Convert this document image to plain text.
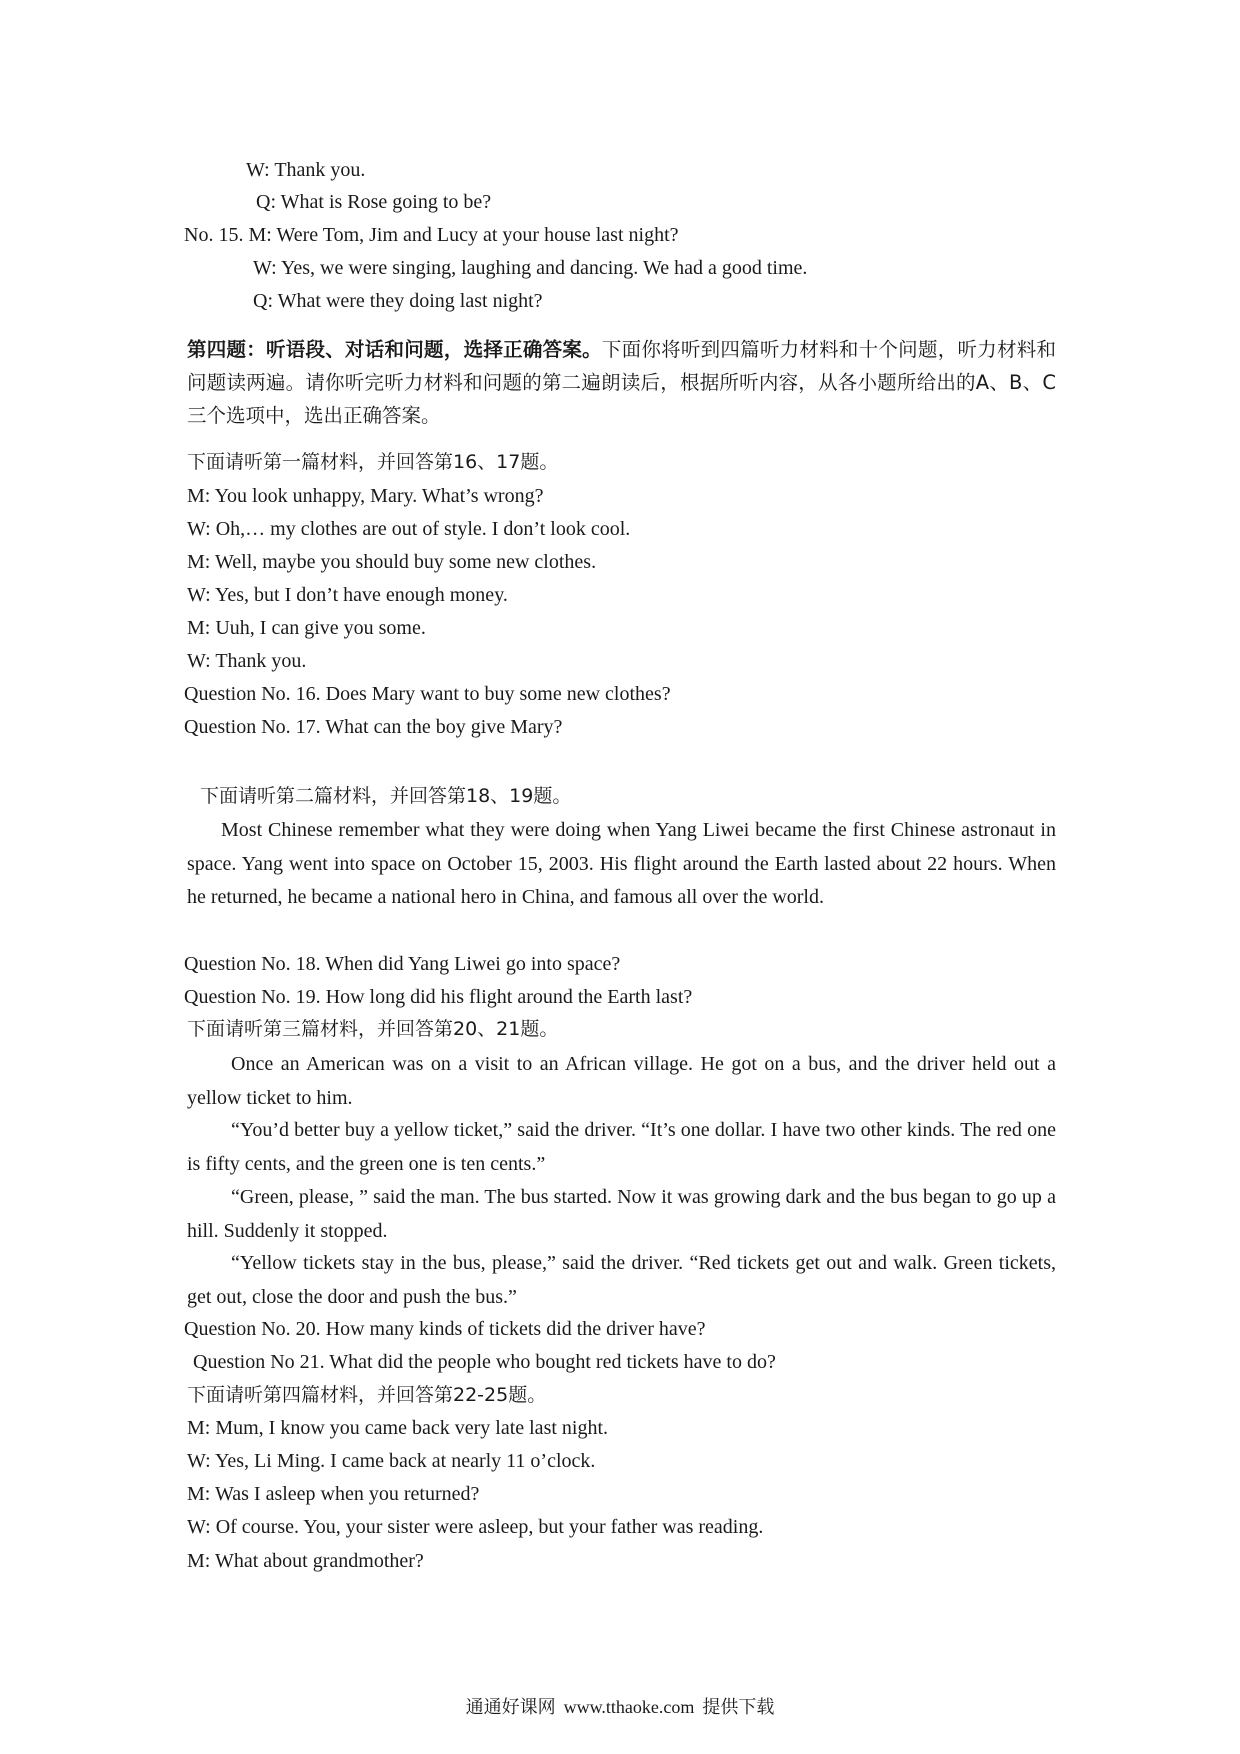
W: Thank you.
Q: What is Rose going to be?
No. 15. M: Were Tom, Jim and Lucy at your house last night?
W: Yes, we were singing, laughing and dancing. We had a good time.
Q: What were they doing last night?
第四题：听语段、对话和问题，选择正确答案。下面你将听到四篇听力材料和十个问题，听力材料和问题读两遍。请你听完听力材料和问题的第二遍朗读后，根据所听内容，从各小题所给出的A、B、C三个选项中，选出正确答案。
下面请听第一篇材料，并回答第16、17题。
M: You look unhappy, Mary. What’s wrong?
W: Oh,… my clothes are out of style. I don’t look cool.
M: Well, maybe you should buy some new clothes.
W: Yes, but I don’t have enough money.
M: Uuh, I can give you some.
W: Thank you.
Question No. 16. Does Mary want to buy some new clothes?
Question No. 17. What can the boy give Mary?
下面请听第二篇材料，并回答第18、19题。
Most Chinese remember what they were doing when Yang Liwei became the first Chinese astronaut in space. Yang went into space on October 15, 2003. His flight around the Earth lasted about 22 hours. When he returned, he became a national hero in China, and famous all over the world.
Question No. 18. When did Yang Liwei go into space?
Question No. 19. How long did his flight around the Earth last?
下面请听第三篇材料，并回答第20、21题。
Once an American was on a visit to an African village. He got on a bus, and the driver held out a yellow ticket to him.
“You’d better buy a yellow ticket,” said the driver. “It’s one dollar. I have two other kinds. The red one is fifty cents, and the green one is ten cents.”
“Green, please, ” said the man. The bus started. Now it was growing dark and the bus began to go up a hill. Suddenly it stopped.
“Yellow tickets stay in the bus, please,” said the driver. “Red tickets get out and walk. Green tickets, get out, close the door and push the bus.”
Question No. 20. How many kinds of tickets did the driver have?
Question No 21. What did the people who bought red tickets have to do?
下面请听第四篇材料，并回答第22-25题。
M: Mum, I know you came back very late last night.
W: Yes, Li Ming. I came back at nearly 11 o’clock.
M: Was I asleep when you returned?
W: Of course. You, your sister were asleep, but your father was reading.
M: What about grandmother?
通通好课网 www.tthaoke.com 提供下载
